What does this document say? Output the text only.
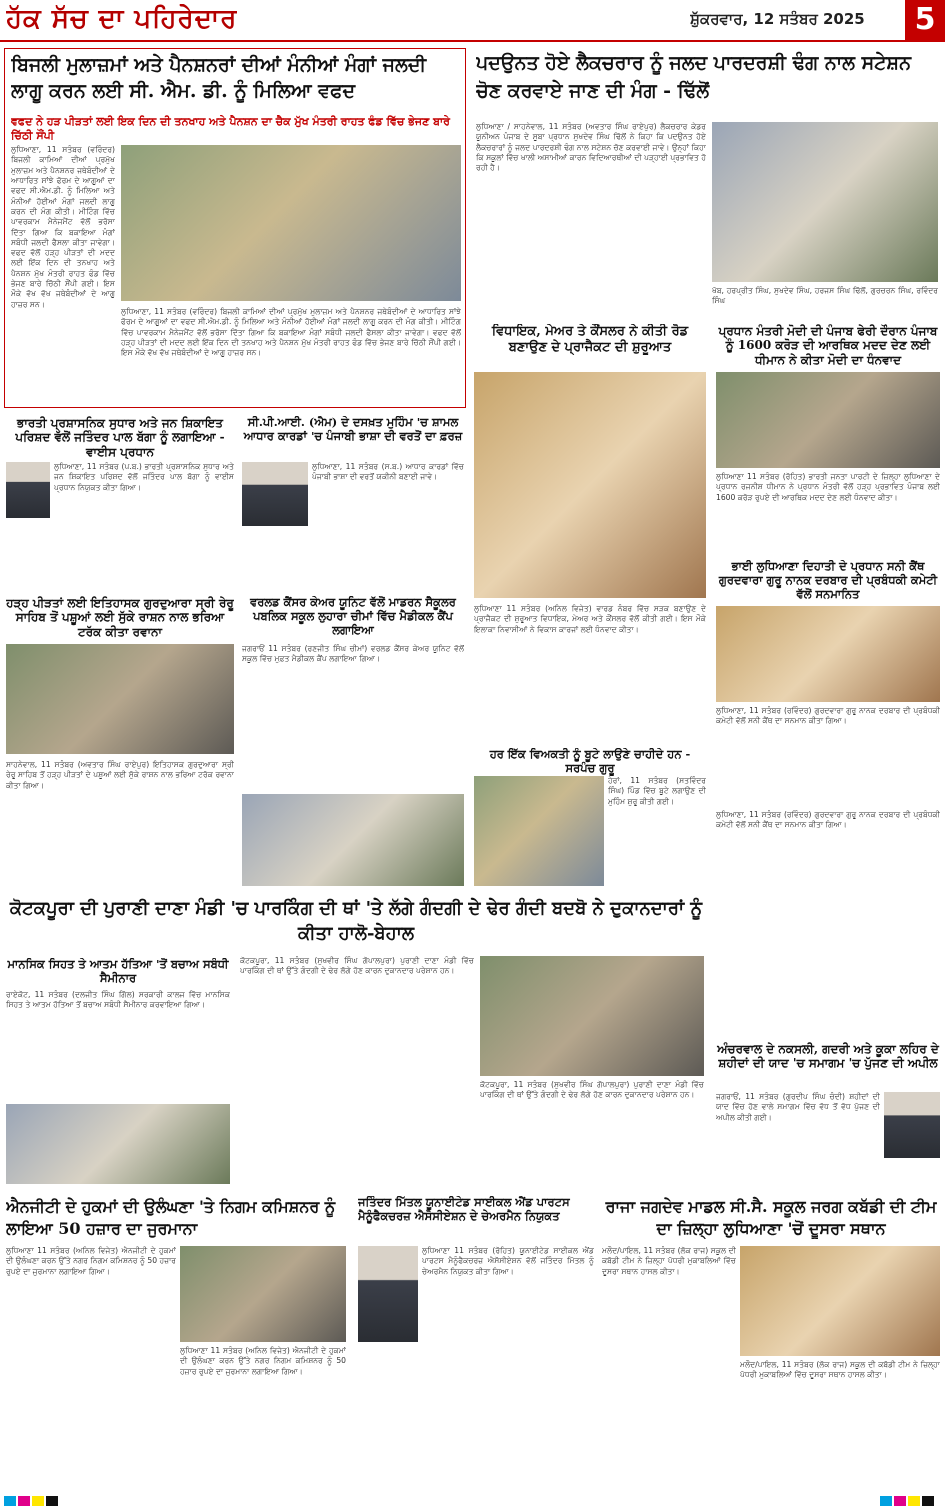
ਹੱਕ ਸੱਚ ਦਾ ਪਹਿਰੇਦਾਰ	ਸ਼ੁੱਕਰਵਾਰ, 12 ਸਤੰਬਰ 2025	5
ਬਿਜਲੀ ਮੁਲਾਜ਼ਮਾਂ ਅਤੇ ਪੈਨਸ਼ਨਰਾਂ ਦੀਆਂ ਮੰਨੀਆਂ ਮੰਗਾਂ ਜਲਦੀ ਲਾਗੂ ਕਰਨ ਲਈ ਸੀ. ਐਮ. ਡੀ. ਨੂੰ ਮਿਲਿਆ ਵਫਦ
ਵਫਦ ਨੇ ਹੜ ਪੀੜਤਾਂ ਲਈ ਇਕ ਦਿਨ ਦੀ ਤਨਖਾਹ ਅਤੇ ਪੈਨਸ਼ਨ ਦਾ ਚੈਕ ਮੁੱਖ ਮੰਤਰੀ ਰਾਹਤ ਫੰਡ ਵਿੱਚ ਭੇਜਣ ਬਾਰੇ ਚਿੱਠੀ ਸੌਂਪੀ
ਲੁਧਿਆਣਾ, 11 ਸਤੰਬਰ (ਵਰਿੰਦਰ) ਬਿਜਲੀ ਕਾਮਿਆਂ ਦੀਆਂ ਪ੍ਰਮੁੱਖ ਮੁਲਾਜ਼ਮ ਅਤੇ ਪੈਨਸ਼ਨਰ ਜਥੇਬੰਦੀਆਂ ਦੇ ਆਧਾਰਿਤ ਸਾਂਝੇ ਫੋਰਮ ਦੇ ਆਗੂਆਂ ਦਾ ਵਫਦ ਸੀ.ਐਮ.ਡੀ. ਨੂੰ ਮਿਲਿਆ ਅਤੇ ਮੰਨੀਆਂ ਹੋਈਆਂ ਮੰਗਾਂ ਜਲਦੀ ਲਾਗੂ ਕਰਨ ਦੀ ਮੰਗ ਕੀਤੀ। ਮੀਟਿੰਗ ਵਿੱਚ ਪਾਵਰਕਾਮ ਮੈਨੇਜਮੈਂਟ ਵੱਲੋਂ ਭਰੋਸਾ ਦਿੱਤਾ ਗਿਆ ਕਿ ਬਕਾਇਆ ਮੰਗਾਂ ਸਬੰਧੀ ਜਲਦੀ ਫੈਸਲਾ ਕੀਤਾ ਜਾਵੇਗਾ। ਵਫਦ ਵੱਲੋਂ ਹੜ੍ਹ ਪੀੜਤਾਂ ਦੀ ਮਦਦ ਲਈ ਇੱਕ ਦਿਨ ਦੀ ਤਨਖਾਹ ਅਤੇ ਪੈਨਸ਼ਨ ਮੁੱਖ ਮੰਤਰੀ ਰਾਹਤ ਫੰਡ ਵਿੱਚ ਭੇਜਣ ਬਾਰੇ ਚਿੱਠੀ ਸੌਂਪੀ ਗਈ। ਇਸ ਮੌਕੇ ਵੱਖ ਵੱਖ ਜਥੇਬੰਦੀਆਂ ਦੇ ਆਗੂ ਹਾਜ਼ਰ ਸਨ।
ਲੁਧਿਆਣਾ, 11 ਸਤੰਬਰ (ਵਰਿੰਦਰ) ਬਿਜਲੀ ਕਾਮਿਆਂ ਦੀਆਂ ਪ੍ਰਮੁੱਖ ਮੁਲਾਜ਼ਮ ਅਤੇ ਪੈਨਸ਼ਨਰ ਜਥੇਬੰਦੀਆਂ ਦੇ ਆਧਾਰਿਤ ਸਾਂਝੇ ਫੋਰਮ ਦੇ ਆਗੂਆਂ ਦਾ ਵਫਦ ਸੀ.ਐਮ.ਡੀ. ਨੂੰ ਮਿਲਿਆ ਅਤੇ ਮੰਨੀਆਂ ਹੋਈਆਂ ਮੰਗਾਂ ਜਲਦੀ ਲਾਗੂ ਕਰਨ ਦੀ ਮੰਗ ਕੀਤੀ। ਮੀਟਿੰਗ ਵਿੱਚ ਪਾਵਰਕਾਮ ਮੈਨੇਜਮੈਂਟ ਵੱਲੋਂ ਭਰੋਸਾ ਦਿੱਤਾ ਗਿਆ ਕਿ ਬਕਾਇਆ ਮੰਗਾਂ ਸਬੰਧੀ ਜਲਦੀ ਫੈਸਲਾ ਕੀਤਾ ਜਾਵੇਗਾ। ਵਫਦ ਵੱਲੋਂ ਹੜ੍ਹ ਪੀੜਤਾਂ ਦੀ ਮਦਦ ਲਈ ਇੱਕ ਦਿਨ ਦੀ ਤਨਖਾਹ ਅਤੇ ਪੈਨਸ਼ਨ ਮੁੱਖ ਮੰਤਰੀ ਰਾਹਤ ਫੰਡ ਵਿੱਚ ਭੇਜਣ ਬਾਰੇ ਚਿੱਠੀ ਸੌਂਪੀ ਗਈ। ਇਸ ਮੌਕੇ ਵੱਖ ਵੱਖ ਜਥੇਬੰਦੀਆਂ ਦੇ ਆਗੂ ਹਾਜ਼ਰ ਸਨ।
ਪਦਉਨਤ ਹੋਏ ਲੈਕਚਰਾਰ ਨੂੰ ਜਲਦ ਪਾਰਦਰਸ਼ੀ ਢੰਗ ਨਾਲ ਸਟੇਸ਼ਨ ਚੋਣ ਕਰਵਾਏ ਜਾਣ ਦੀ ਮੰਗ - ਢਿੱਲੋਂ
ਲੁਧਿਆਣਾ / ਸਾਹਨੇਵਾਲ, 11 ਸਤੰਬਰ (ਅਵਤਾਰ ਸਿੰਘ ਰਾਏਪੁਰ) ਲੈਕਚਰਾਰ ਕੇਡਰ ਯੂਨੀਅਨ ਪੰਜਾਬ ਦੇ ਸੂਬਾ ਪ੍ਰਧਾਨ ਸੁਖਦੇਵ ਸਿੰਘ ਢਿੱਲੋਂ ਨੇ ਕਿਹਾ ਕਿ ਪਦਉਨਤ ਹੋਏ ਲੈਕਚਰਾਰਾਂ ਨੂੰ ਜਲਦ ਪਾਰਦਰਸ਼ੀ ਢੰਗ ਨਾਲ ਸਟੇਸ਼ਨ ਚੋਣ ਕਰਵਾਈ ਜਾਵੇ। ਉਨ੍ਹਾਂ ਕਿਹਾ ਕਿ ਸਕੂਲਾਂ ਵਿੱਚ ਖਾਲੀ ਅਸਾਮੀਆਂ ਕਾਰਨ ਵਿਦਿਆਰਥੀਆਂ ਦੀ ਪੜ੍ਹਾਈ ਪ੍ਰਭਾਵਿਤ ਹੋ ਰਹੀ ਹੈ।
ਖੱਬ, ਹਰਪ੍ਰੀਤ ਸਿੰਘ, ਸੁਖਦੇਵ ਸਿੰਘ, ਹਰਜਸ ਸਿੰਘ ਢਿੱਲੋਂ, ਗੁਰਚਰਨ ਸਿੰਘ, ਰਵਿੰਦਰ ਸਿੰਘ
ਵਿਧਾਇਕ, ਮੇਅਰ ਤੇ ਕੌਂਸਲਰ ਨੇ ਕੀਤੀ ਰੋਡ ਬਣਾਉਣ ਦੇ ਪ੍ਰਾਜੈਕਟ ਦੀ ਸ਼ੁਰੂਆਤ
ਲੁਧਿਆਣਾ 11 ਸਤੰਬਰ (ਅਨਿਲ ਵਿਜੇਤ) ਵਾਰਡ ਨੰਬਰ ਵਿੱਚ ਸੜਕ ਬਣਾਉਣ ਦੇ ਪ੍ਰਾਜੈਕਟ ਦੀ ਸ਼ੁਰੂਆਤ ਵਿਧਾਇਕ, ਮੇਅਰ ਅਤੇ ਕੌਂਸਲਰ ਵੱਲੋਂ ਕੀਤੀ ਗਈ। ਇਸ ਮੌਕੇ ਇਲਾਕਾ ਨਿਵਾਸੀਆਂ ਨੇ ਵਿਕਾਸ ਕਾਰਜਾਂ ਲਈ ਧੰਨਵਾਦ ਕੀਤਾ।
ਪ੍ਰਧਾਨ ਮੰਤਰੀ ਮੋਦੀ ਦੀ ਪੰਜਾਬ ਫੇਰੀ ਦੌਰਾਨ ਪੰਜਾਬ ਨੂੰ 1600 ਕਰੋੜ ਦੀ ਆਰਥਿਕ ਮਦਦ ਦੇਣ ਲਈ ਧੀਮਾਨ ਨੇ ਕੀਤਾ ਮੋਦੀ ਦਾ ਧੰਨਵਾਦ
ਲੁਧਿਆਣਾ 11 ਸਤੰਬਰ (ਰੋਹਿਤ) ਭਾਰਤੀ ਜਨਤਾ ਪਾਰਟੀ ਦੇ ਜ਼ਿਲ੍ਹਾ ਲੁਧਿਆਣਾ ਦੇ ਪ੍ਰਧਾਨ ਰਜਨੀਸ਼ ਧੀਮਾਨ ਨੇ ਪ੍ਰਧਾਨ ਮੰਤਰੀ ਵੱਲੋਂ ਹੜ੍ਹ ਪ੍ਰਭਾਵਿਤ ਪੰਜਾਬ ਲਈ 1600 ਕਰੋੜ ਰੁਪਏ ਦੀ ਆਰਥਿਕ ਮਦਦ ਦੇਣ ਲਈ ਧੰਨਵਾਦ ਕੀਤਾ।
ਭਾਈ ਲੁਧਿਆਣਾ ਦਿਹਾਤੀ ਦੇ ਪ੍ਰਧਾਨ ਸਨੀ ਕੈਂਥ ਗੁਰਦਵਾਰਾ ਗੁਰੂ ਨਾਨਕ ਦਰਬਾਰ ਦੀ ਪ੍ਰਬੰਧਕੀ ਕਮੇਟੀ ਵੱਲੋਂ ਸਨਮਾਨਿਤ
ਲੁਧਿਆਣਾ, 11 ਸਤੰਬਰ (ਰਵਿੰਦਰ) ਗੁਰਦਵਾਰਾ ਗੁਰੂ ਨਾਨਕ ਦਰਬਾਰ ਦੀ ਪ੍ਰਬੰਧਕੀ ਕਮੇਟੀ ਵੱਲੋਂ ਸਨੀ ਕੈਂਥ ਦਾ ਸਨਮਾਨ ਕੀਤਾ ਗਿਆ।
ਭਾਰਤੀ ਪ੍ਰਸ਼ਾਸਨਿਕ ਸੁਧਾਰ ਅਤੇ ਜਨ ਸ਼ਿਕਾਇਤ ਪਰਿਸ਼ਦ ਵੱਲੋਂ ਜਤਿੰਦਰ ਪਾਲ ਬੱਗਾ ਨੂੰ ਲਗਾਇਆ - ਵਾਈਸ ਪ੍ਰਧਾਨ
ਲੁਧਿਆਣਾ, 11 ਸਤੰਬਰ (ਪ.ਬ.) ਭਾਰਤੀ ਪ੍ਰਸ਼ਾਸਨਿਕ ਸੁਧਾਰ ਅਤੇ ਜਨ ਸ਼ਿਕਾਇਤ ਪਰਿਸ਼ਦ ਵੱਲੋਂ ਜਤਿੰਦਰ ਪਾਲ ਬੱਗਾ ਨੂੰ ਵਾਈਸ ਪ੍ਰਧਾਨ ਨਿਯੁਕਤ ਕੀਤਾ ਗਿਆ।
ਸੀ.ਪੀ.ਆਈ. (ਐਮ) ਦੇ ਦਸਖ਼ਤ ਮੁਹਿੰਮ 'ਚ ਸ਼ਾਮਲ ਆਧਾਰ ਕਾਰਡਾਂ 'ਚ ਪੰਜਾਬੀ ਭਾਸ਼ਾ ਦੀ ਵਰਤੋਂ ਦਾ ਫ਼ਰਜ਼
ਲੁਧਿਆਣਾ, 11 ਸਤੰਬਰ (ਸ.ਬ.) ਆਧਾਰ ਕਾਰਡਾਂ ਵਿੱਚ ਪੰਜਾਬੀ ਭਾਸ਼ਾ ਦੀ ਵਰਤੋਂ ਯਕੀਨੀ ਬਣਾਈ ਜਾਵੇ।
ਹੜ੍ਹ ਪੀੜਤਾਂ ਲਈ ਇਤਿਹਾਸਕ ਗੁਰਦੁਆਰਾ ਸ੍ਰੀ ਰੇਰੂ ਸਾਹਿਬ ਤੋਂ ਪਸ਼ੂਆਂ ਲਈ ਸੁੱਕੇ ਰਾਸ਼ਨ ਨਾਲ ਭਰਿਆ ਟਰੱਕ ਕੀਤਾ ਰਵਾਨਾ
ਸਾਹਨੇਵਾਲ, 11 ਸਤੰਬਰ (ਅਵਤਾਰ ਸਿੰਘ ਰਾਏਪੁਰ) ਇਤਿਹਾਸਕ ਗੁਰਦੁਆਰਾ ਸ੍ਰੀ ਰੇਰੂ ਸਾਹਿਬ ਤੋਂ ਹੜ੍ਹ ਪੀੜਤਾਂ ਦੇ ਪਸ਼ੂਆਂ ਲਈ ਸੁੱਕੇ ਰਾਸ਼ਨ ਨਾਲ ਭਰਿਆ ਟਰੱਕ ਰਵਾਨਾ ਕੀਤਾ ਗਿਆ।
ਵਰਲਡ ਕੈਂਸਰ ਕੇਅਰ ਯੂਨਿਟ ਵੱਲੋਂ ਮਾਡਰਨ ਸੈਕੂਲਰ ਪਬਲਿਕ ਸਕੂਲ ਲੁਹਾਰਾ ਚੀਮਾਂ ਵਿੱਚ ਮੈਡੀਕਲ ਕੈਂਪ ਲਗਾਇਆ
ਜਗਰਾਓਂ 11 ਸਤੰਬਰ (ਰਣਜੀਤ ਸਿੰਘ ਚੀਮਾਂ) ਵਰਲਡ ਕੈਂਸਰ ਕੇਅਰ ਯੂਨਿਟ ਵੱਲੋਂ ਸਕੂਲ ਵਿੱਚ ਮੁਫ਼ਤ ਮੈਡੀਕਲ ਕੈਂਪ ਲਗਾਇਆ ਗਿਆ।
ਹਰ ਇੱਕ ਵਿਅਕਤੀ ਨੂੰ ਬੂਟੇ ਲਾਉਣੇ ਚਾਹੀਦੇ ਹਨ - ਸਰਪੰਚ ਗੁਰੂ
ਹੇਰਾਂ, 11 ਸਤੰਬਰ (ਸਤਵਿੰਦਰ ਸਿੰਘ) ਪਿੰਡ ਵਿੱਚ ਬੂਟੇ ਲਗਾਉਣ ਦੀ ਮੁਹਿੰਮ ਸ਼ੁਰੂ ਕੀਤੀ ਗਈ।
ਕੋਟਕਪੂਰਾ ਦੀ ਪੁਰਾਣੀ ਦਾਣਾ ਮੰਡੀ 'ਚ ਪਾਰਕਿੰਗ ਦੀ ਥਾਂ 'ਤੇ ਲੱਗੇ ਗੰਦਗੀ ਦੇ ਢੇਰ ਗੰਦੀ ਬਦਬੋ ਨੇ ਦੁਕਾਨਦਾਰਾਂ ਨੂੰ ਕੀਤਾ ਹਾਲੋ-ਬੇਹਾਲ
ਕੋਟਕਪੂਰਾ, 11 ਸਤੰਬਰ (ਸੁਖਵੀਰ ਸਿੰਘ ਗੋਪਾਲਪੁਰਾ) ਪੁਰਾਣੀ ਦਾਣਾ ਮੰਡੀ ਵਿੱਚ ਪਾਰਕਿੰਗ ਦੀ ਥਾਂ ਉੱਤੇ ਗੰਦਗੀ ਦੇ ਢੇਰ ਲੱਗੇ ਹੋਣ ਕਾਰਨ ਦੁਕਾਨਦਾਰ ਪਰੇਸ਼ਾਨ ਹਨ।
ਕੋਟਕਪੂਰਾ, 11 ਸਤੰਬਰ (ਸੁਖਵੀਰ ਸਿੰਘ ਗੋਪਾਲਪੁਰਾ) ਪੁਰਾਣੀ ਦਾਣਾ ਮੰਡੀ ਵਿੱਚ ਪਾਰਕਿੰਗ ਦੀ ਥਾਂ ਉੱਤੇ ਗੰਦਗੀ ਦੇ ਢੇਰ ਲੱਗੇ ਹੋਣ ਕਾਰਨ ਦੁਕਾਨਦਾਰ ਪਰੇਸ਼ਾਨ ਹਨ।
ਮਾਨਸਿਕ ਸਿਹਤ ਤੇ ਆਤਮ ਹੱਤਿਆ 'ਤੋਂ ਬਚਾਅ ਸਬੰਧੀ ਸੈਮੀਨਾਰ
ਰਾਏਕੋਟ, 11 ਸਤੰਬਰ (ਦਲਜੀਤ ਸਿੰਘ ਗਿੱਲ) ਸਰਕਾਰੀ ਕਾਲਜ ਵਿੱਚ ਮਾਨਸਿਕ ਸਿਹਤ ਤੇ ਆਤਮ ਹੱਤਿਆ ਤੋਂ ਬਚਾਅ ਸਬੰਧੀ ਸੈਮੀਨਾਰ ਕਰਵਾਇਆ ਗਿਆ।
ਲੁਧਿਆਣਾ, 11 ਸਤੰਬਰ (ਰਵਿੰਦਰ) ਗੁਰਦਵਾਰਾ ਗੁਰੂ ਨਾਨਕ ਦਰਬਾਰ ਦੀ ਪ੍ਰਬੰਧਕੀ ਕਮੇਟੀ ਵੱਲੋਂ ਸਨੀ ਕੈਂਥ ਦਾ ਸਨਮਾਨ ਕੀਤਾ ਗਿਆ।
ਅੰਚਰਵਾਲ ਦੇ ਨਕਸਲੀ, ਗਦਰੀ ਅਤੇ ਕੂਕਾ ਲਹਿਰ ਦੇ ਸ਼ਹੀਦਾਂ ਦੀ ਯਾਦ 'ਚ ਸਮਾਗਮ 'ਚ ਪੁੱਜਣ ਦੀ ਅਪੀਲ
ਜਗਰਾਓਂ, 11 ਸਤੰਬਰ (ਗੁਰਦੀਪ ਸਿੰਘ ਚੰਦੀ) ਸ਼ਹੀਦਾਂ ਦੀ ਯਾਦ ਵਿੱਚ ਹੋਣ ਵਾਲੇ ਸਮਾਗਮ ਵਿੱਚ ਵੱਧ ਤੋਂ ਵੱਧ ਪੁੱਜਣ ਦੀ ਅਪੀਲ ਕੀਤੀ ਗਈ।
ਐਨਜੀਟੀ ਦੇ ਹੁਕਮਾਂ ਦੀ ਉਲੰਘਣਾ 'ਤੇ ਨਿਗਮ ਕਮਿਸ਼ਨਰ ਨੂੰ ਲਾਇਆ 50 ਹਜ਼ਾਰ ਦਾ ਜੁਰਮਾਨਾ
ਲੁਧਿਆਣਾ 11 ਸਤੰਬਰ (ਅਨਿਲ ਵਿਜੇਤ) ਐਨਜੀਟੀ ਦੇ ਹੁਕਮਾਂ ਦੀ ਉਲੰਘਣਾ ਕਰਨ ਉੱਤੇ ਨਗਰ ਨਿਗਮ ਕਮਿਸ਼ਨਰ ਨੂੰ 50 ਹਜ਼ਾਰ ਰੁਪਏ ਦਾ ਜੁਰਮਾਨਾ ਲਗਾਇਆ ਗਿਆ।
ਲੁਧਿਆਣਾ 11 ਸਤੰਬਰ (ਅਨਿਲ ਵਿਜੇਤ) ਐਨਜੀਟੀ ਦੇ ਹੁਕਮਾਂ ਦੀ ਉਲੰਘਣਾ ਕਰਨ ਉੱਤੇ ਨਗਰ ਨਿਗਮ ਕਮਿਸ਼ਨਰ ਨੂੰ 50 ਹਜ਼ਾਰ ਰੁਪਏ ਦਾ ਜੁਰਮਾਨਾ ਲਗਾਇਆ ਗਿਆ।
ਜਤਿੰਦਰ ਮਿੱਤਲ ਯੂਨਾਈਟੇਡ ਸਾਈਕਲ ਐਂਡ ਪਾਰਟਸ ਮੈਨੂੰਫੈਕਚਰਜ਼ ਐਸੋਸੀਏਸ਼ਨ ਦੇ ਚੇਅਰਮੈਨ ਨਿਯੁਕਤ
ਲੁਧਿਆਣਾ 11 ਸਤੰਬਰ (ਰੋਹਿਤ) ਯੂਨਾਈਟੇਡ ਸਾਈਕਲ ਐਂਡ ਪਾਰਟਸ ਮੈਨੂੰਫੈਕਚਰਜ਼ ਐਸੋਸੀਏਸ਼ਨ ਵੱਲੋਂ ਜਤਿੰਦਰ ਮਿੱਤਲ ਨੂੰ ਚੇਅਰਮੈਨ ਨਿਯੁਕਤ ਕੀਤਾ ਗਿਆ।
ਰਾਜਾ ਜਗਦੇਵ ਮਾਡਲ ਸੀ.ਸੈ. ਸਕੂਲ ਜਰਗ ਕਬੱਡੀ ਦੀ ਟੀਮ ਦਾ ਜ਼ਿਲ੍ਹਾ ਲੁਧਿਆਣਾ 'ਚੋਂ ਦੂਸਰਾ ਸਥਾਨ
ਮਲੌਦ/ਪਾਇਲ, 11 ਸਤੰਬਰ (ਲੋਕ ਰਾਜ) ਸਕੂਲ ਦੀ ਕਬੱਡੀ ਟੀਮ ਨੇ ਜ਼ਿਲ੍ਹਾ ਪੱਧਰੀ ਮੁਕਾਬਲਿਆਂ ਵਿੱਚ ਦੂਸਰਾ ਸਥਾਨ ਹਾਸਲ ਕੀਤਾ।
ਮਲੌਦ/ਪਾਇਲ, 11 ਸਤੰਬਰ (ਲੋਕ ਰਾਜ) ਸਕੂਲ ਦੀ ਕਬੱਡੀ ਟੀਮ ਨੇ ਜ਼ਿਲ੍ਹਾ ਪੱਧਰੀ ਮੁਕਾਬਲਿਆਂ ਵਿੱਚ ਦੂਸਰਾ ਸਥਾਨ ਹਾਸਲ ਕੀਤਾ।
